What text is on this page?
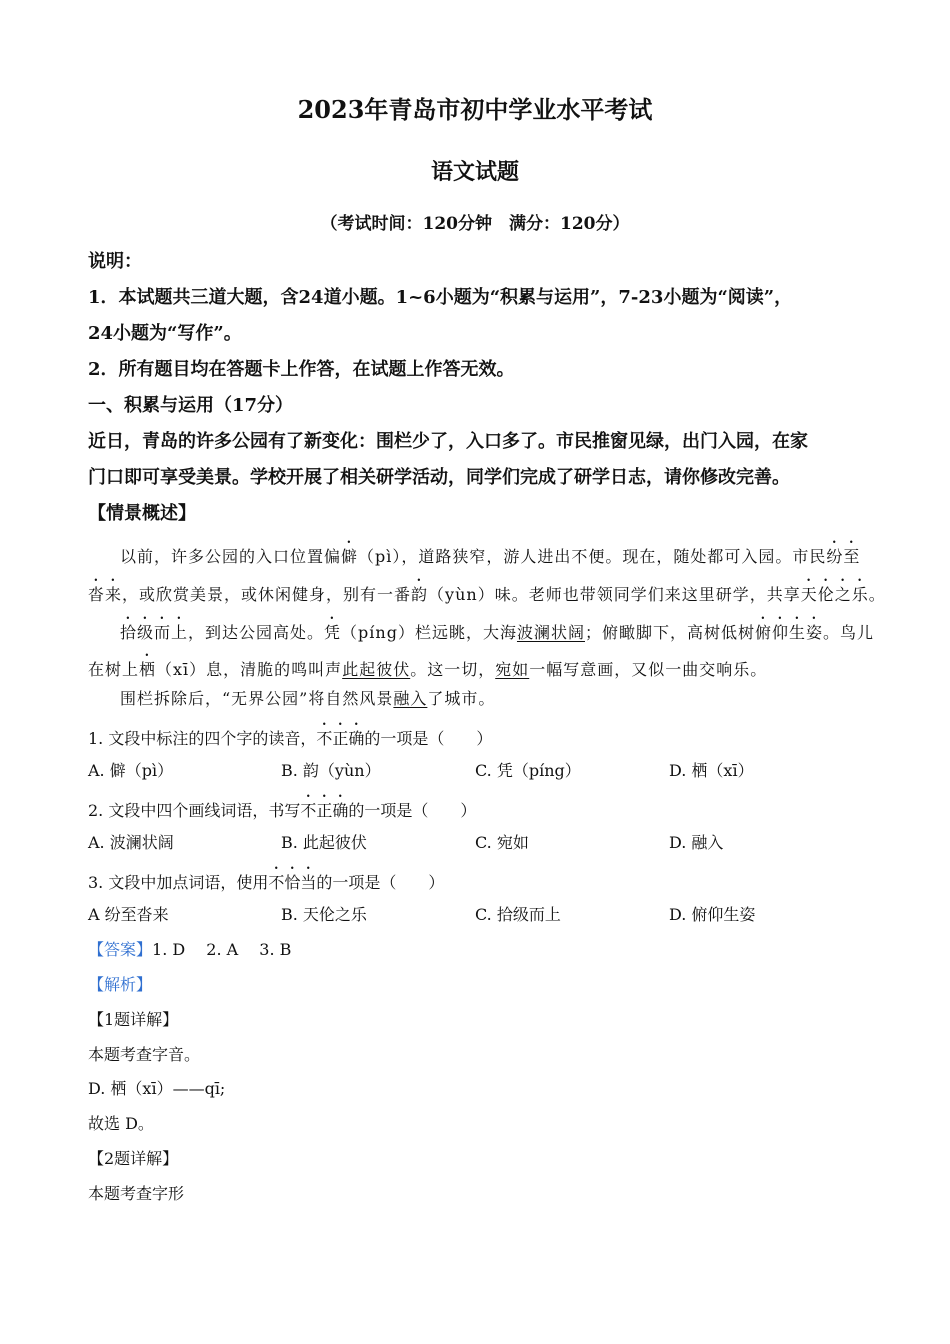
2023年青岛市初中学业水平考试
语文试题
（考试时间：120分钟　满分：120分）
说明：
1．本试题共三道大题，含24道小题。1~6小题为“积累与运用”，7-23小题为“阅读”，
24小题为“写作”。
2．所有题目均在答题卡上作答，在试题上作答无效。
一、积累与运用（17分）
近日，青岛的许多公园有了新变化：围栏少了，入口多了。市民推窗见绿，出门入园，在家
门口即可享受美景。学校开展了相关研学活动，同学们完成了研学日志，请你修改完善。
【情景概述】
以前，许多公园的入口位置偏僻（pì），道路狭窄，游人进出不便。现在，随处都可入园。市民纷至
沓来，或欣赏美景，或休闲健身，别有一番韵（yùn）味。老师也带领同学们来这里研学，共享天伦之乐。
拾级而上，到达公园高处。凭（píng）栏远眺，大海波澜状阔；俯瞰脚下，高树低树俯仰生姿。鸟儿
在树上栖（xī）息，清脆的鸣叫声此起彼伏。这一切，宛如一幅写意画，又似一曲交响乐。
围栏拆除后，“无界公园”将自然风景融入了城市。
1. 文段中标注的四个字的读音，不正确的一项是（　　）
A. 僻（pì）	B. 韵（yùn）	C. 凭（píng）	D. 栖（xī）
2. 文段中四个画线词语，书写不正确的一项是（　　）
A. 波澜状阔	B. 此起彼伏	C. 宛如	D. 融入
3. 文段中加点词语，使用不恰当的一项是（　　）
A 纷至沓来	B. 天伦之乐	C. 拾级而上	D. 俯仰生姿
【答案】1. D　 2. A　 3. B
【解析】
【1题详解】
本题考查字音。
D. 栖（xī）——qī;
故选 D。
【2题详解】
本题考查字形
